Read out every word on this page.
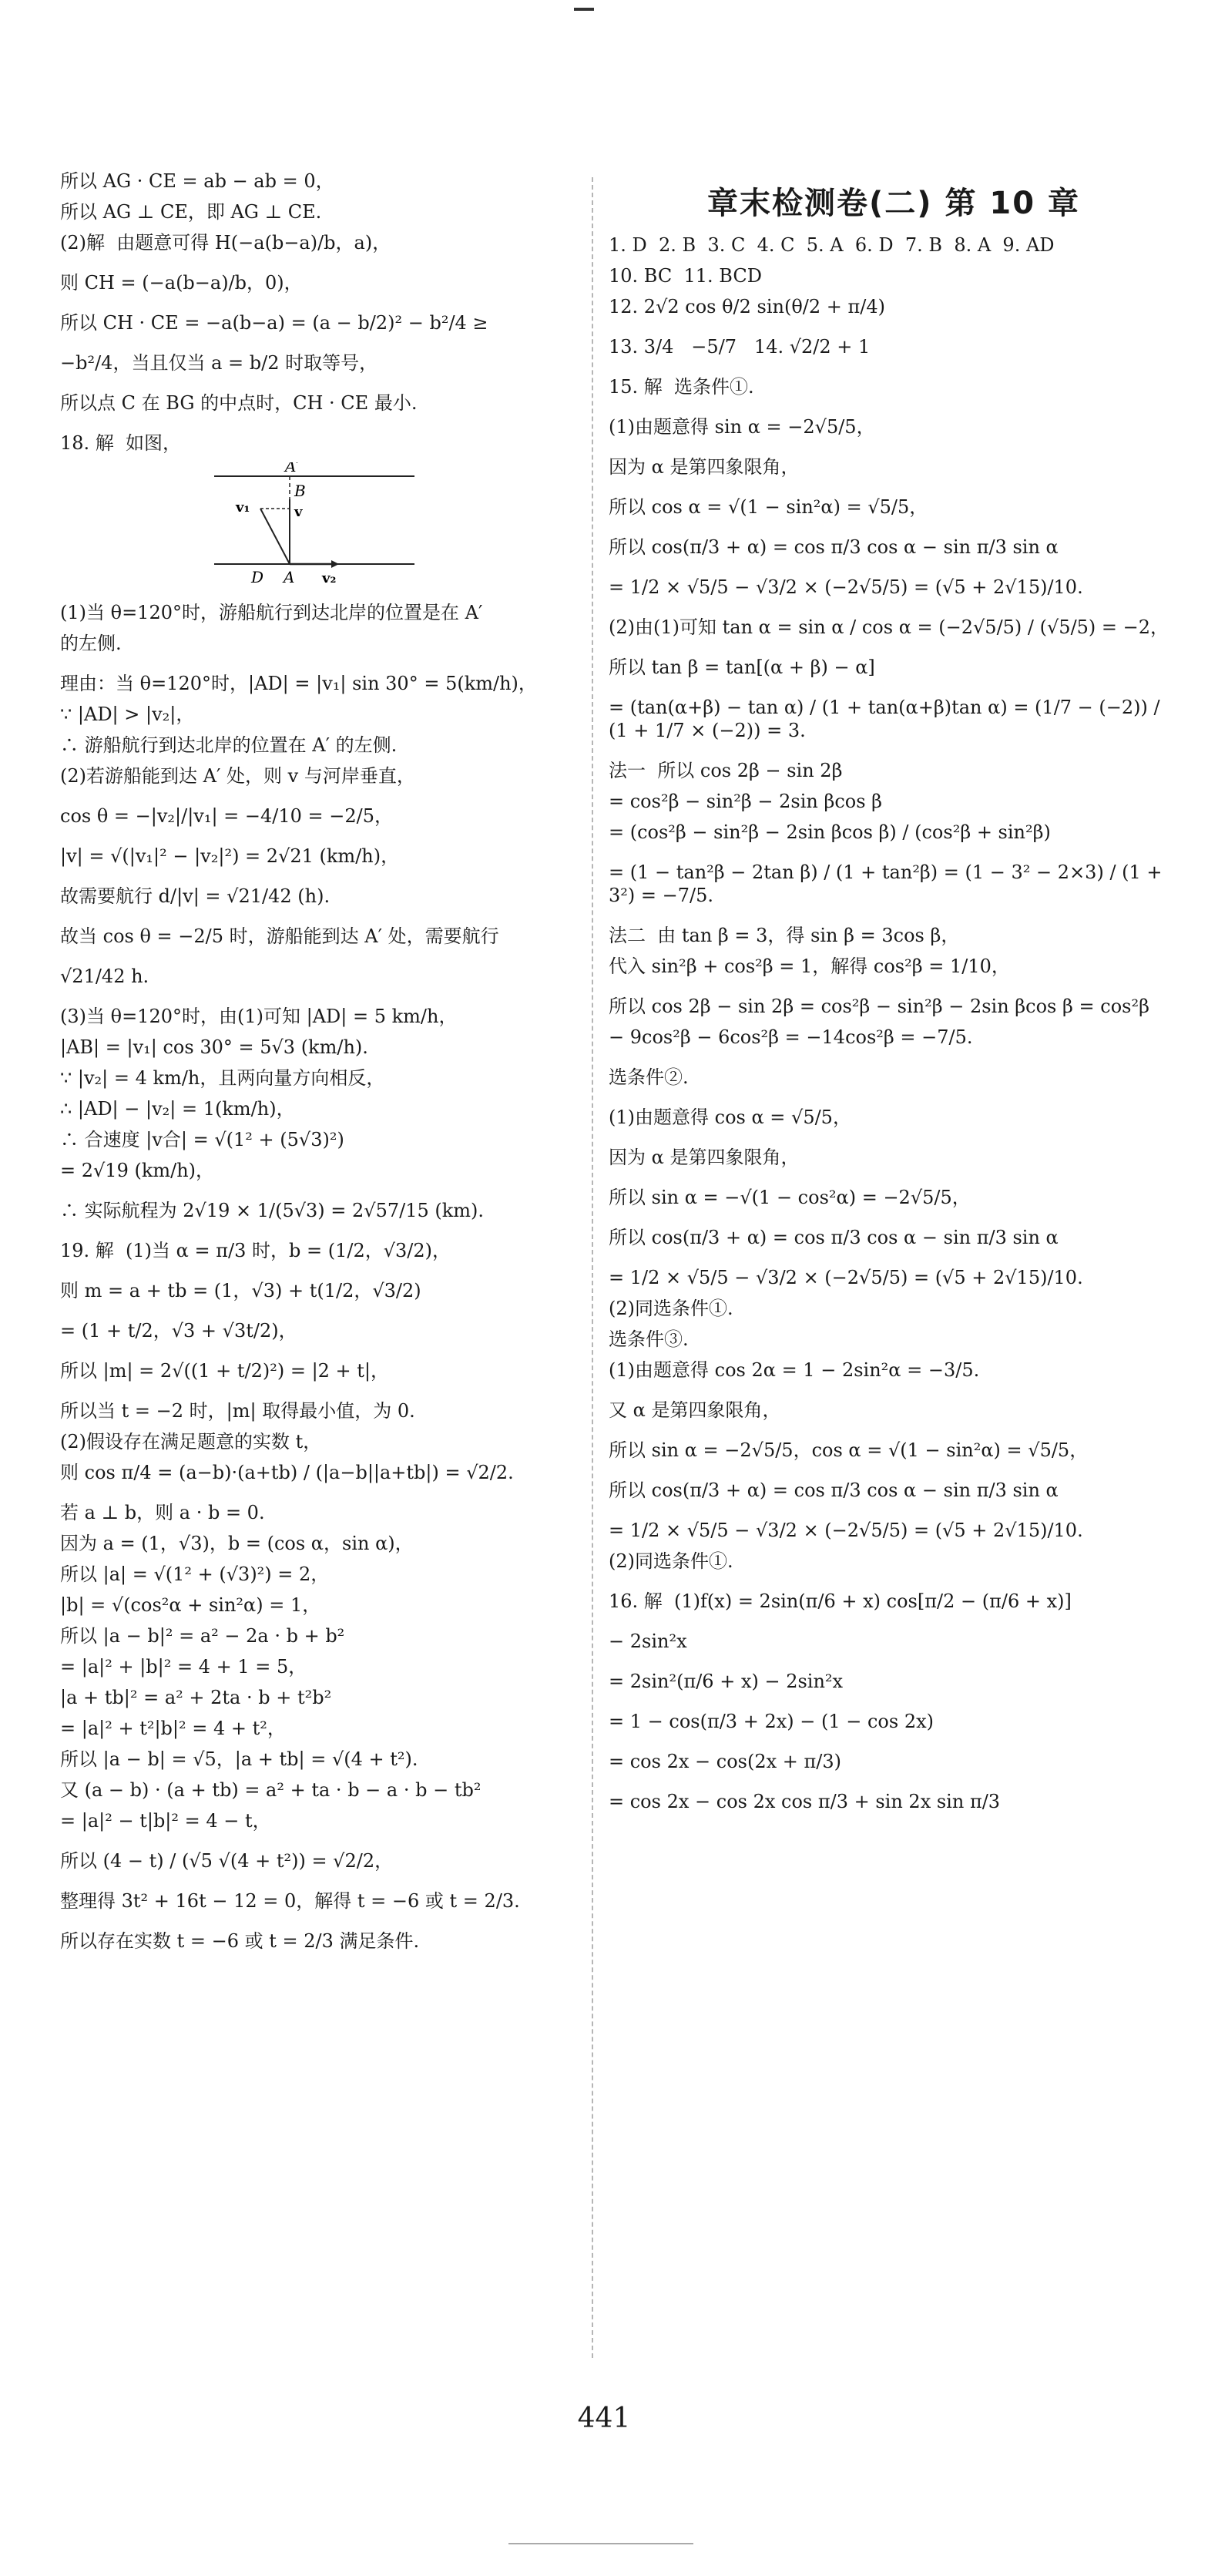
所以 AG · CE = ab − ab = 0，
所以 AG ⊥ CE，即 AG ⊥ CE.
(2)解  由题意可得 H(−a(b−a)/b，a)，
则 CH = (−a(b−a)/b，0)，
所以 CH · CE = −a(b−a) = (a − b/2)² − b²/4 ≥
−b²/4，当且仅当 a = b/2 时取等号，
所以点 C 在 BG 的中点时，CH · CE 最小.
18. 解  如图，
A′
B
v₁	v
D A v₂
(1)当 θ=120°时，游船航行到达北岸的位置是在 A′
的左侧.
理由：当 θ=120°时，|AD| = |v₁| sin 30° = 5(km/h)，
∵ |AD| > |v₂|，
∴ 游船航行到达北岸的位置在 A′ 的左侧.
(2)若游船能到达 A′ 处，则 v 与河岸垂直，
cos θ = −|v₂|/|v₁| = −4/10 = −2/5，
|v| = √(|v₁|² − |v₂|²) = 2√21 (km/h)，
故需要航行 d/|v| = √21/42 (h).
故当 cos θ = −2/5 时，游船能到达 A′ 处，需要航行
√21/42 h.
(3)当 θ=120°时，由(1)可知 |AD| = 5 km/h，
|AB| = |v₁| cos 30° = 5√3 (km/h).
∵ |v₂| = 4 km/h，且两向量方向相反，
∴ |AD| − |v₂| = 1(km/h)，
∴ 合速度 |v合| = √(1² + (5√3)²)
= 2√19 (km/h)，
∴ 实际航程为 2√19 × 1/(5√3) = 2√57/15 (km).
19. 解  (1)当 α = π/3 时，b = (1/2，√3/2)，
则 m = a + tb = (1，√3) + t(1/2，√3/2)
= (1 + t/2，√3 + √3t/2)，
所以 |m| = 2√((1 + t/2)²) = |2 + t|，
所以当 t = −2 时，|m| 取得最小值，为 0.
(2)假设存在满足题意的实数 t，
则 cos π/4 = (a−b)·(a+tb) / (|a−b||a+tb|) = √2/2.
若 a ⊥ b，则 a · b = 0.
因为 a = (1，√3)，b = (cos α，sin α)，
所以 |a| = √(1² + (√3)²) = 2，
|b| = √(cos²α + sin²α) = 1，
所以 |a − b|² = a² − 2a · b + b²
= |a|² + |b|² = 4 + 1 = 5，
|a + tb|² = a² + 2ta · b + t²b²
= |a|² + t²|b|² = 4 + t²，
所以 |a − b| = √5，|a + tb| = √(4 + t²).
又 (a − b) · (a + tb) = a² + ta · b − a · b − tb²
= |a|² − t|b|² = 4 − t，
所以 (4 − t) / (√5 √(4 + t²)) = √2/2，
整理得 3t² + 16t − 12 = 0，解得 t = −6 或 t = 2/3.
所以存在实数 t = −6 或 t = 2/3 满足条件.
章末检测卷(二) 第 10 章
1. D  2. B  3. C  4. C  5. A  6. D  7. B  8. A  9. AD
10. BC  11. BCD
12. 2√2 cos θ/2 sin(θ/2 + π/4)
13. 3/4   −5/7   14. √2/2 + 1
15. 解  选条件①.
(1)由题意得 sin α = −2√5/5，
因为 α 是第四象限角，
所以 cos α = √(1 − sin²α) = √5/5，
所以 cos(π/3 + α) = cos π/3 cos α − sin π/3 sin α
= 1/2 × √5/5 − √3/2 × (−2√5/5) = (√5 + 2√15)/10.
(2)由(1)可知 tan α = sin α / cos α = (−2√5/5) / (√5/5) = −2，
所以 tan β = tan[(α + β) − α]
= (tan(α+β) − tan α) / (1 + tan(α+β)tan α) = (1/7 − (−2)) / (1 + 1/7 × (−2)) = 3.
法一  所以 cos 2β − sin 2β
= cos²β − sin²β − 2sin βcos β
= (cos²β − sin²β − 2sin βcos β) / (cos²β + sin²β)
= (1 − tan²β − 2tan β) / (1 + tan²β) = (1 − 3² − 2×3) / (1 + 3²) = −7/5.
法二  由 tan β = 3，得 sin β = 3cos β，
代入 sin²β + cos²β = 1，解得 cos²β = 1/10，
所以 cos 2β − sin 2β = cos²β − sin²β − 2sin βcos β = cos²β
− 9cos²β − 6cos²β = −14cos²β = −7/5.
选条件②.
(1)由题意得 cos α = √5/5，
因为 α 是第四象限角，
所以 sin α = −√(1 − cos²α) = −2√5/5，
所以 cos(π/3 + α) = cos π/3 cos α − sin π/3 sin α
= 1/2 × √5/5 − √3/2 × (−2√5/5) = (√5 + 2√15)/10.
(2)同选条件①.
选条件③.
(1)由题意得 cos 2α = 1 − 2sin²α = −3/5.
又 α 是第四象限角，
所以 sin α = −2√5/5，cos α = √(1 − sin²α) = √5/5，
所以 cos(π/3 + α) = cos π/3 cos α − sin π/3 sin α
= 1/2 × √5/5 − √3/2 × (−2√5/5) = (√5 + 2√15)/10.
(2)同选条件①.
16. 解  (1)f(x) = 2sin(π/6 + x) cos[π/2 − (π/6 + x)]
− 2sin²x
= 2sin²(π/6 + x) − 2sin²x
= 1 − cos(π/3 + 2x) − (1 − cos 2x)
= cos 2x − cos(2x + π/3)
= cos 2x − cos 2x cos π/3 + sin 2x sin π/3
441
